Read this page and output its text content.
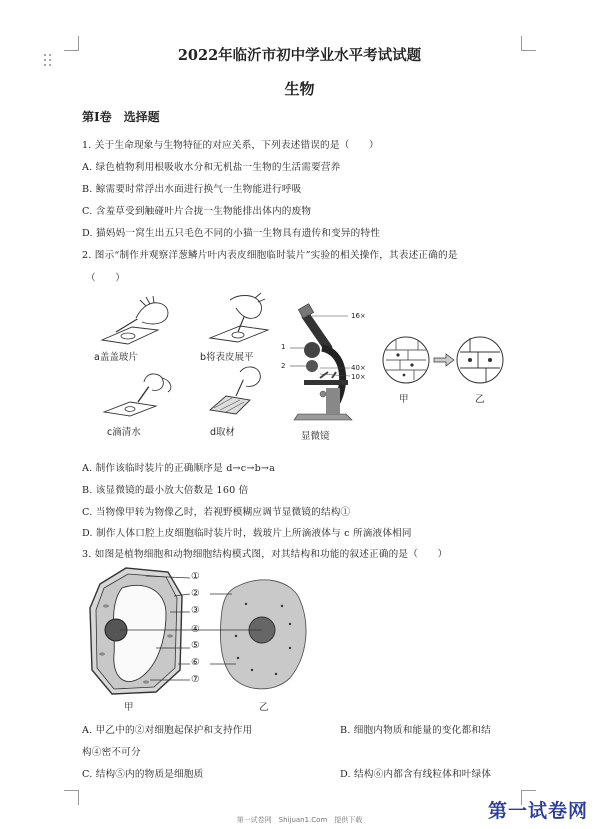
2022年临沂市初中学业水平考试试题
生物
第I卷　选择题
1. 关于生命现象与生物特征的对应关系，下列表述错误的是（　　）
A. 绿色植物利用根吸收水分和无机盐一生物的生活需要营养
B. 鲸需要时常浮出水面进行换气一生物能进行呼吸
C. 含羞草受到触碰叶片合拢一生物能排出体内的废物
D. 猫妈妈一窝生出五只毛色不同的小猫一生物具有遗传和变异的特性
2. 图示“制作并观察洋葱鳞片叶内表皮细胞临时装片”实验的相关操作，其表述正确的是
（　　）
a盖盖玻片	b将表皮展平
c滴清水	d取材	显微镜
甲	乙
16×
40×
10×
1
2
A. 制作该临时装片的正确顺序是 d→c→b→a
B. 该显微镜的最小放大倍数是 160 倍
C. 当物像甲转为物像乙时，若视野模糊应调节显微镜的结构①
D. 制作人体口腔上皮细胞临时装片时，载玻片上所滴液体与 c 所滴液体相同
3. 如图是植物细胞和动物细胞结构模式图，对其结构和功能的叙述正确的是（　　）
①
②
③
④
⑤
⑥
⑦
甲	乙
A. 甲乙中的②对细胞起保护和支持作用	B. 细胞内物质和能量的变化都和结
构④密不可分
C. 结构⑤内的物质是细胞质	D. 结构⑥内都含有线粒体和叶绿体
第一试卷网　Shijuan1.Com　提供下载	第一试卷网
